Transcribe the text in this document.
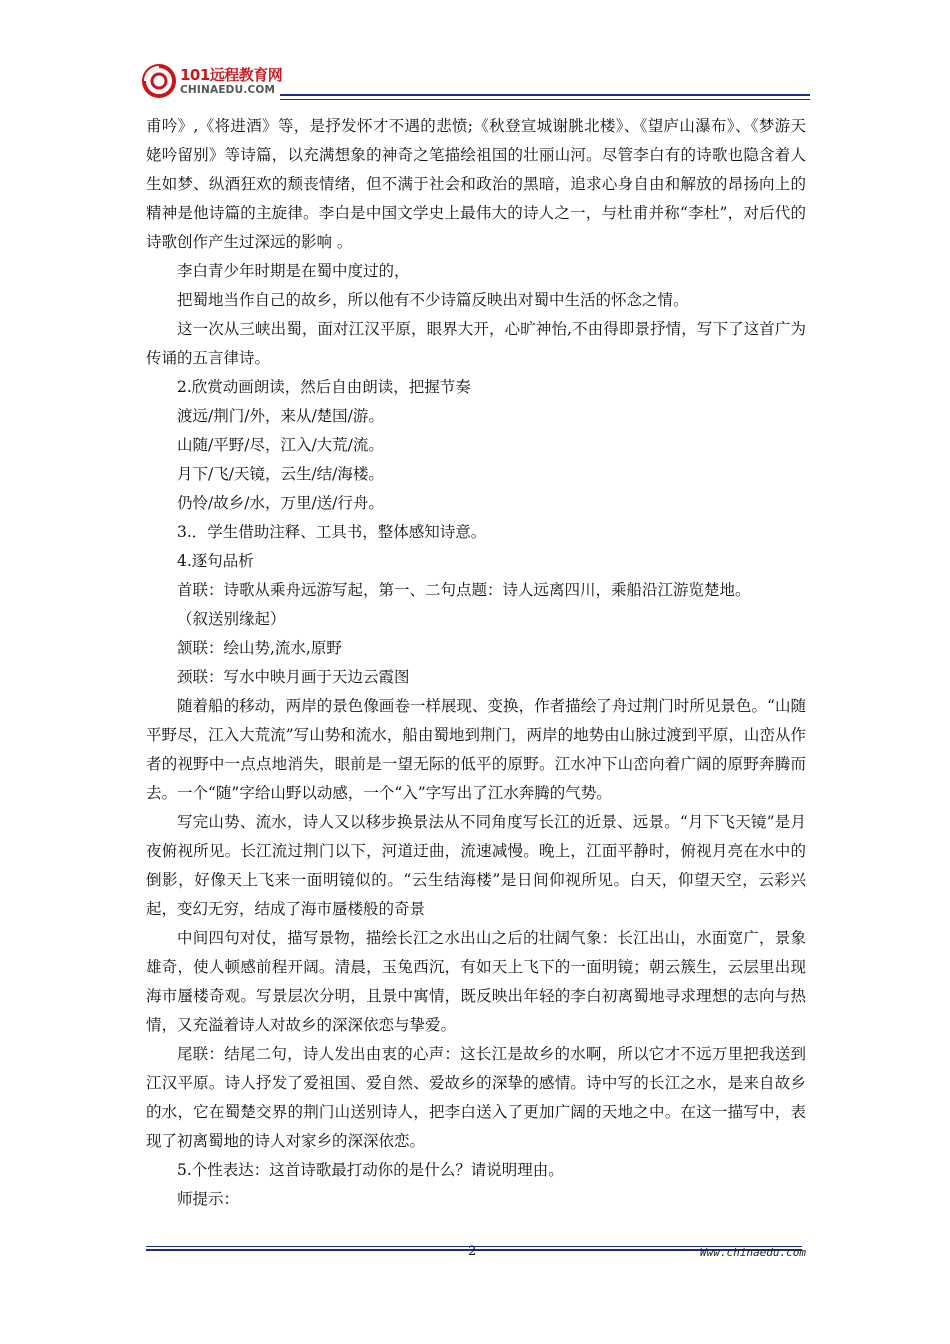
101远程教育网
CHINAEDU.COM

甫吟》,《将进酒》等，是抒发怀才不遇的悲愤;《秋登宣城谢朓北楼》、《望庐山瀑布》、《梦游天姥吟留别》等诗篇，以充满想象的神奇之笔描绘祖国的壮丽山河。尽管李白有的诗歌也隐含着人生如梦、纵酒狂欢的颓丧情绪，但不满于社会和政治的黑暗，追求心身自由和解放的昂扬向上的精神是他诗篇的主旋律。李白是中国文学史上最伟大的诗人之一，与杜甫并称“李杜”，对后代的诗歌创作产生过深远的影响 。

李白青少年时期是在蜀中度过的，

把蜀地当作自己的故乡，所以他有不少诗篇反映出对蜀中生活的怀念之情。

这一次从三峡出蜀，面对江汉平原，眼界大开，心旷神怡,不由得即景抒情，写下了这首广为传诵的五言律诗。

2.欣赏动画朗读，然后自由朗读，把握节奏

渡远/荆门/外，来从/楚国/游。

山随/平野/尽，江入/大荒/流。

月下/飞/天镜，云生/结/海楼。

仍怜/故乡/水，万里/送/行舟。

3.．学生借助注释、工具书，整体感知诗意。

4.逐句品析

首联：诗歌从乘舟远游写起，第一、二句点题：诗人远离四川，乘船沿江游览楚地。

（叙送别缘起）

颔联：绘山势,流水,原野

颈联：写水中映月画于天边云霞图

随着船的移动，两岸的景色像画卷一样展现、变换，作者描绘了舟过荆门时所见景色。“山随平野尽，江入大荒流”写山势和流水，船由蜀地到荆门，两岸的地势由山脉过渡到平原，山峦从作者的视野中一点点地消失，眼前是一望无际的低平的原野。江水冲下山峦向着广阔的原野奔腾而去。一个“随”字给山野以动感，一个“入”字写出了江水奔腾的气势。

写完山势、流水，诗人又以移步换景法从不同角度写长江的近景、远景。“月下飞天镜”是月夜俯视所见。长江流过荆门以下，河道迂曲，流速减慢。晚上，江面平静时，俯视月亮在水中的倒影，好像天上飞来一面明镜似的。“云生结海楼”是日间仰视所见。白天，仰望天空，云彩兴起，变幻无穷，结成了海市蜃楼般的奇景

中间四句对仗，描写景物，描绘长江之水出山之后的壮阔气象：长江出山，水面宽广，景象雄奇，使人顿感前程开阔。清晨，玉兔西沉，有如天上飞下的一面明镜；朝云簇生，云层里出现海市蜃楼奇观。写景层次分明，且景中寓情，既反映出年轻的李白初离蜀地寻求理想的志向与热情，又充溢着诗人对故乡的深深依恋与挚爱。

尾联：结尾二句，诗人发出由衷的心声：这长江是故乡的水啊，所以它才不远万里把我送到江汉平原。诗人抒发了爱祖国、爱自然、爱故乡的深挚的感情。诗中写的长江之水，是来自故乡的水，它在蜀楚交界的荆门山送别诗人，把李白送入了更加广阔的天地之中。在这一描写中，表现了初离蜀地的诗人对家乡的深深依恋。

5.个性表达：这首诗歌最打动你的是什么？请说明理由。

师提示：

2	Www.chinaedu.com
